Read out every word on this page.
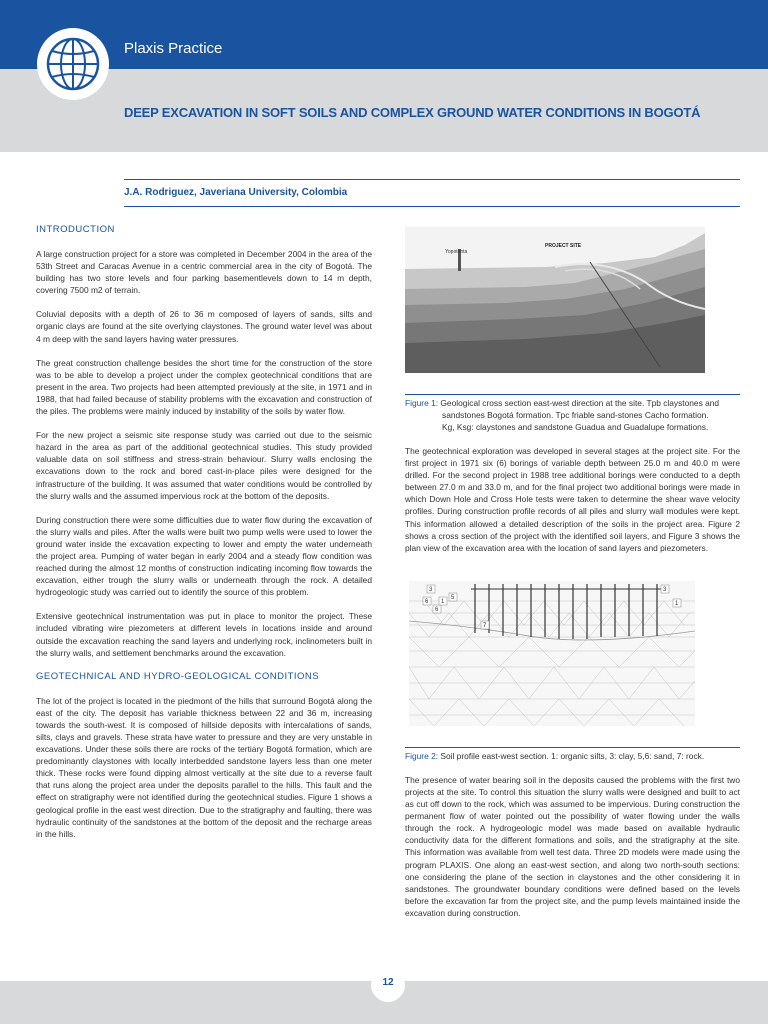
Plaxis Practice
DEEP EXCAVATION IN SOFT SOILS AND COMPLEX GROUND WATER CONDITIONS IN BOGOTÁ
J.A. Rodriguez, Javeriana University, Colombia
INTRODUCTION

A large construction project for a store was completed in December 2004 in the area of the 53th Street and Caracas Avenue in a centric commercial area in the city of Bogotá. The building has two store levels and four parking basementlevels down to 14 m depth, covering 7500 m2 of terrain.

Coluvial deposits with a depth of 26 to 36 m composed of layers of sands, silts and organic clays are found at the site overlying claystones. The ground water level was about 4 m deep with the sand layers having water pressures.

The great construction challenge besides the short time for the construction of the store was to be able to develop a project under the complex geotechnical conditions that are present in the area. Two projects had been attempted previously at the site, in 1971 and in 1988, that had failed because of stability problems with the excavation and construction of the piles. The problems were mainly induced by instability of the soils by water flow.

For the new project a seismic site response study was carried out due to the seismic hazard in the area as part of the additional geotechnical studies. This study provided valuable data on soil stiffness and stress-strain behaviour. Slurry walls enclosing the excavations down to the rock and bored cast-in-place piles were designed for the infrastructure of the building. It was assumed that water conditions would be controlled by the slurry walls and the assumed impervious rock at the bottom of the deposits.

During construction there were some difficulties due to water flow during the excavation of the slurry walls and piles. After the walls were built two pump wells were used to lower the ground water inside the excavation expecting to lower and empty the water underneath the project area. Pumping of water began in early 2004 and a steady flow condition was reached during the almost 12 months of construction indicating incoming flow towards the excavation, either trough the slurry walls or underneath through the rock. A detailed hydrogeologic study was carried out to identify the source of this problem.

Extensive geotechnical instrumentation was put in place to monitor the project. These included vibrating wire piezometers at different levels in locations inside and around outside the excavation reaching the sand layers and underlying rock, inclinometers built in the slurry walls, and settlement benchmarks around the excavation.

GEOTECHNICAL AND HYDRO-GEOLOGICAL CONDITIONS

The lot of the project is located in the piedmont of the hills that surround Bogotá along the east of the city. The deposit has variable thickness between 22 and 36 m, increasing towards the south-west. It is composed of hillside deposits with intercalations of sands, silts, clays and gravels. These strata have water to pressure and they are very unstable in excavations. Under these soils there are rocks of the tertiary Bogotá formation, which are predominantly claystones with locally interbedded sandstone layers less than one meter thick. These rocks were found dipping almost vertically at the site due to a reverse fault that runs along the project area under the deposits parallel to the hills. This fault and the effect on stratigraphy were not identified during the geotechnical studies. Figure 1 shows a geological profile in the east west direction. Due to the stratigraphy and faulting, there was hydraulic continuity of the sandstones at the bottom of the deposit and the recharge areas in the hills.

Yopotenta
PROJECT SITE
Figure 1: Geological cross section east-west direction at the site. Tpb claystones and
sandstones Bogotá formation. Tpc friable sand-stones Cacho formation.
Kg, Ksg: claystones and sandstone Guadua and Guadalupe formations.

The geotechnical exploration was developed in several stages at the project site. For the first project in 1971 six (6) borings of variable depth between 25.0 m and 40.0 m were drilled. For the second project in 1988 tree additional borings were conducted to a depth between 27.0 m and 33.0 m, and for the final project two additional borings were made in which Down Hole and Cross Hole tests were taken to determine the shear wave velocity profiles. During construction profile records of all piles and slurry wall modules were kept. This information allowed a detailed description of the soils in the project area. Figure 2 shows a cross section of the project with the identified soil layers, and Figure 3 shows the plan view of the excavation area with the location of sand layers and piezometers.

3
6
5
6
1
7
3
1
Figure 2: Soil profile east-west section. 1: organic silts, 3: clay, 5,6: sand, 7: rock.

The presence of water bearing soil in the deposits caused the problems with the first two projects at the site. To control this situation the slurry walls were designed and built to act as cut off down to the rock, which was assumed to be impervious. During construction the permanent flow of water pointed out the possibility of water flowing under the walls through the rock. A hydrogeologic model was made based on available hydraulic conductivity data for the different formations and soils, and the stratigraphy at the site. This information was available from well test data. Three 2D models were made using the program PLAXIS. One along an east-west section, and along two north-south sections: one considering the plane of the section in claystones and the other considering it in sandstones. The groundwater boundary conditions were defined based on the levels before the excavation far from the project site, and the pump levels maintained inside the excavation during construction.

12
